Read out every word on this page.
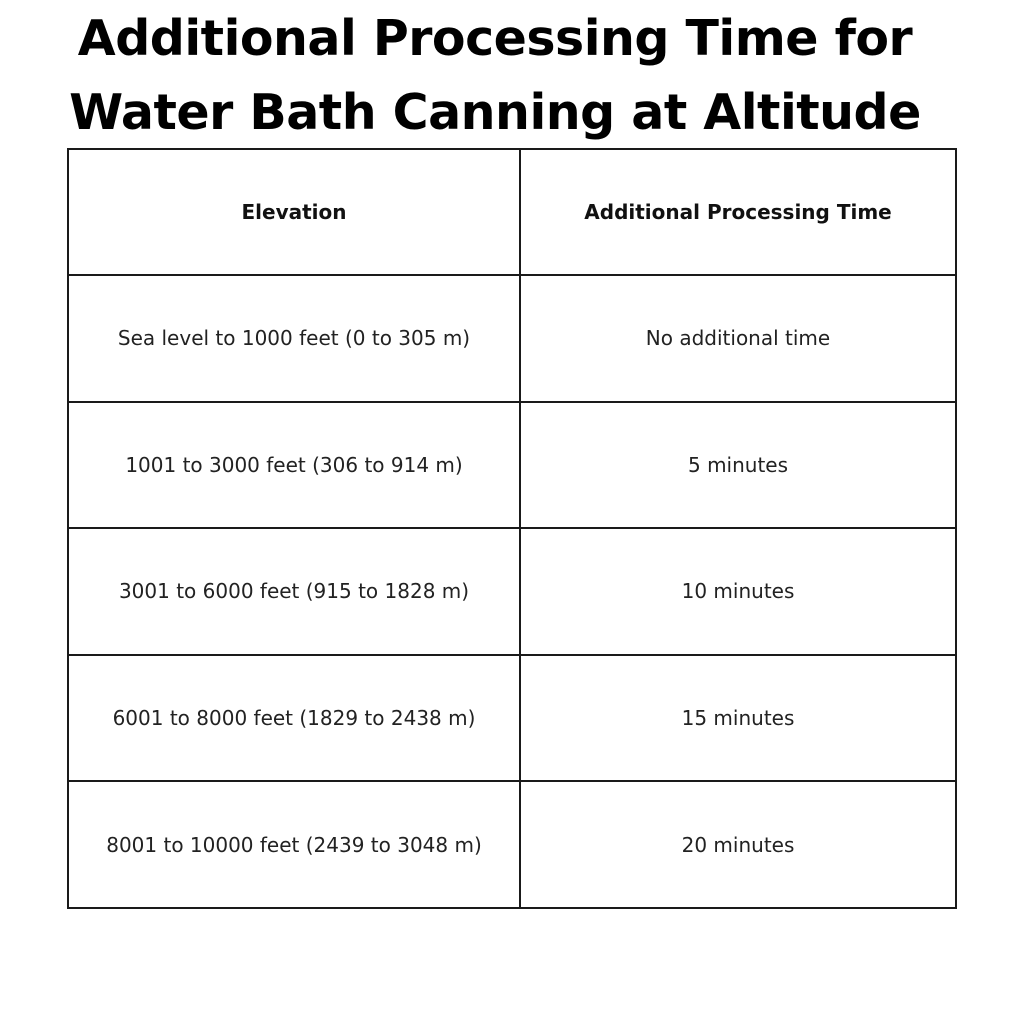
Additional Processing Time for
Water Bath Canning at Altitude
Elevation	Additional Processing Time
Sea level to 1000 feet (0 to 305 m)	No additional time
1001 to 3000 feet (306 to 914 m)	5 minutes
3001 to 6000 feet (915 to 1828 m)	10 minutes
6001 to 8000 feet (1829 to 2438 m)	15 minutes
8001 to 10000 feet (2439 to 3048 m)	20 minutes
